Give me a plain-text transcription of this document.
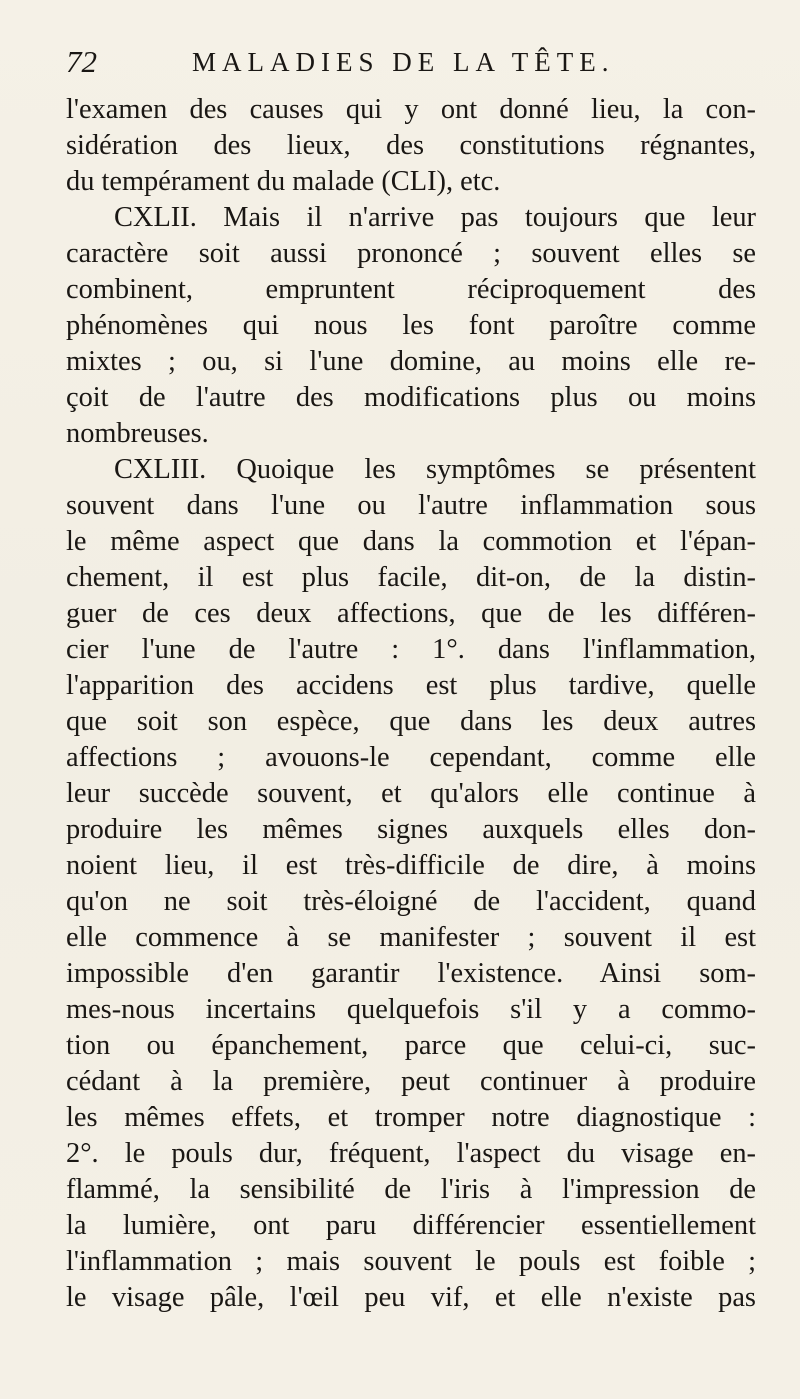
72	MALADIES DE LA TÊTE.
l'examen des causes qui y ont donné lieu, la con-
sidération des lieux, des constitutions régnantes,
du tempérament du malade (CLI), etc.
CXLII. Mais il n'arrive pas toujours que leur
caractère soit aussi prononcé ; souvent elles se
combinent, empruntent réciproquement des
phénomènes qui nous les font paroître comme
mixtes ; ou, si l'une domine, au moins elle re-
çoit de l'autre des modifications plus ou moins
nombreuses.
CXLIII. Quoique les symptômes se présentent
souvent dans l'une ou l'autre inflammation sous
le même aspect que dans la commotion et l'épan-
chement, il est plus facile, dit-on, de la distin-
guer de ces deux affections, que de les différen-
cier l'une de l'autre : 1°. dans l'inflammation,
l'apparition des accidens est plus tardive, quelle
que soit son espèce, que dans les deux autres
affections ; avouons-le cependant, comme elle
leur succède souvent, et qu'alors elle continue à
produire les mêmes signes auxquels elles don-
noient lieu, il est très-difficile de dire, à moins
qu'on ne soit très-éloigné de l'accident, quand
elle commence à se manifester ; souvent il est
impossible d'en garantir l'existence. Ainsi som-
mes-nous incertains quelquefois s'il y a commo-
tion ou épanchement, parce que celui-ci, suc-
cédant à la première, peut continuer à produire
les mêmes effets, et tromper notre diagnostique :
2°. le pouls dur, fréquent, l'aspect du visage en-
flammé, la sensibilité de l'iris à l'impression de
la lumière, ont paru différencier essentiellement
l'inflammation ; mais souvent le pouls est foible ;
le visage pâle, l'œil peu vif, et elle n'existe pas
